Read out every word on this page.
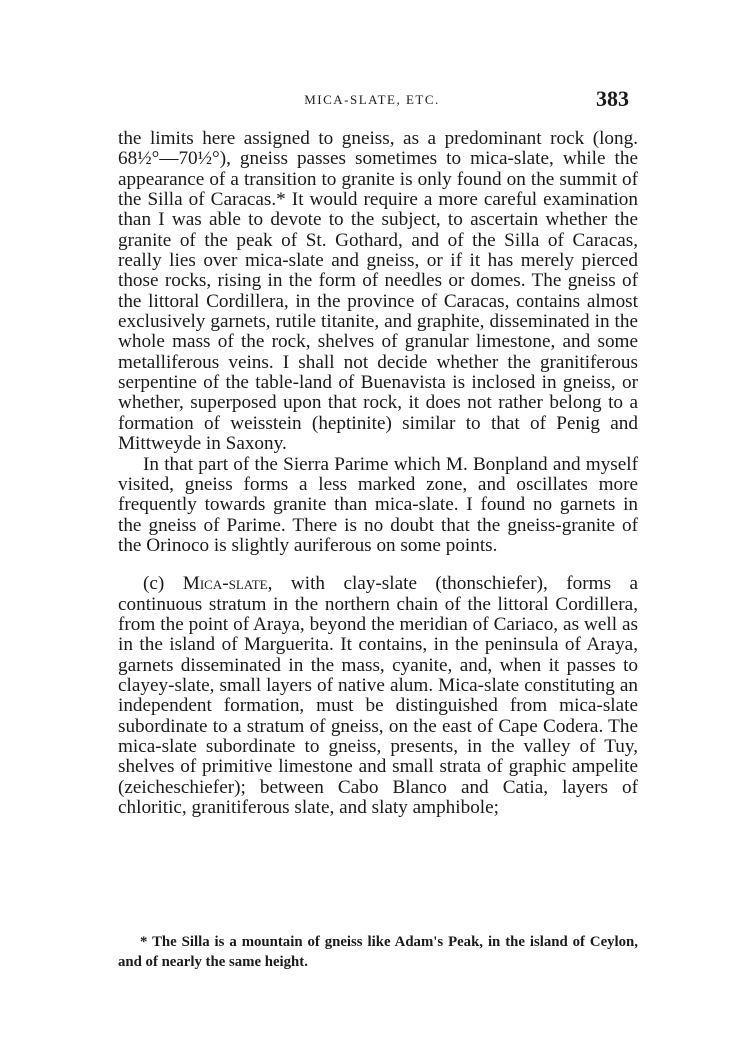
MICA-SLATE, ETC.	383

the limits here assigned to gneiss, as a predominant rock (long. 68½°—70½°), gneiss passes sometimes to mica-slate, while the appearance of a transition to granite is only found on the summit of the Silla of Caracas.* It would require a more careful examination than I was able to devote to the subject, to ascertain whether the granite of the peak of St. Gothard, and of the Silla of Caracas, really lies over mica-slate and gneiss, or if it has merely pierced those rocks, rising in the form of needles or domes. The gneiss of the littoral Cordillera, in the province of Caracas, contains almost exclusively garnets, rutile titanite, and graphite, disseminated in the whole mass of the rock, shelves of granular limestone, and some metalliferous veins. I shall not decide whether the granitiferous serpentine of the table-land of Buenavista is inclosed in gneiss, or whether, superposed upon that rock, it does not rather belong to a formation of weisstein (heptinite) similar to that of Penig and Mittweyde in Saxony.

In that part of the Sierra Parime which M. Bonpland and myself visited, gneiss forms a less marked zone, and oscillates more frequently towards granite than mica-slate. I found no garnets in the gneiss of Parime. There is no doubt that the gneiss-granite of the Orinoco is slightly auriferous on some points.

(c) Mica-slate, with clay-slate (thonschiefer), forms a continuous stratum in the northern chain of the littoral Cordillera, from the point of Araya, beyond the meridian of Cariaco, as well as in the island of Marguerita. It contains, in the peninsula of Araya, garnets disseminated in the mass, cyanite, and, when it passes to clayey-slate, small layers of native alum. Mica-slate constituting an independent formation, must be distinguished from mica-slate subordinate to a stratum of gneiss, on the east of Cape Codera. The mica-slate subordinate to gneiss, presents, in the valley of Tuy, shelves of primitive limestone and small strata of graphic ampelite (zeicheschiefer); between Cabo Blanco and Catia, layers of chloritic, granitiferous slate, and slaty amphibole;

* The Silla is a mountain of gneiss like Adam's Peak, in the island of Ceylon, and of nearly the same height.
